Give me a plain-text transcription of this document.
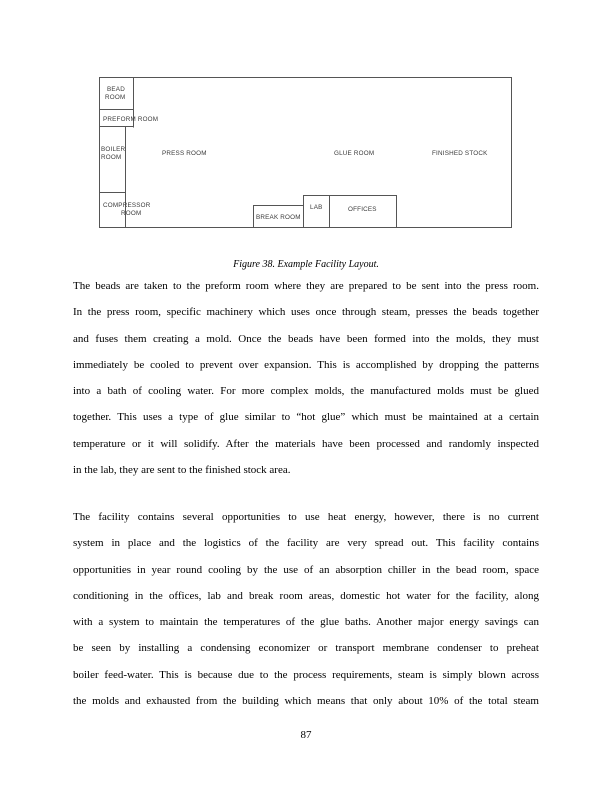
BEAD ROOM
PREFORM ROOM
BOILER ROOM
PRESS ROOM	GLUE ROOM	FINISHED STOCK
COMPRESSOR ROOM
BREAK ROOM
LAB	OFFICES
Figure 38. Example Facility Layout.
The beads are taken to the preform room where they are prepared to be sent into the press room.
In the press room, specific machinery which uses once through steam, presses the beads together
and fuses them creating a mold. Once the beads have been formed into the molds, they must
immediately be cooled to prevent over expansion. This is accomplished by dropping the patterns
into a bath of cooling water. For more complex molds, the manufactured molds must be glued
together. This uses a type of glue similar to “hot glue” which must be maintained at a certain
temperature or it will solidify. After the materials have been processed and randomly inspected
in the lab, they are sent to the finished stock area.
The facility contains several opportunities to use heat energy, however, there is no current
system in place and the logistics of the facility are very spread out. This facility contains
opportunities in year round cooling by the use of an absorption chiller in the bead room, space
conditioning in the offices, lab and break room areas, domestic hot water for the facility, along
with a system to maintain the temperatures of the glue baths. Another major energy savings can
be seen by installing a condensing economizer or transport membrane condenser to preheat
boiler feed-water. This is because due to the process requirements, steam is simply blown across
the molds and exhausted from the building which means that only about 10% of the total steam
87
